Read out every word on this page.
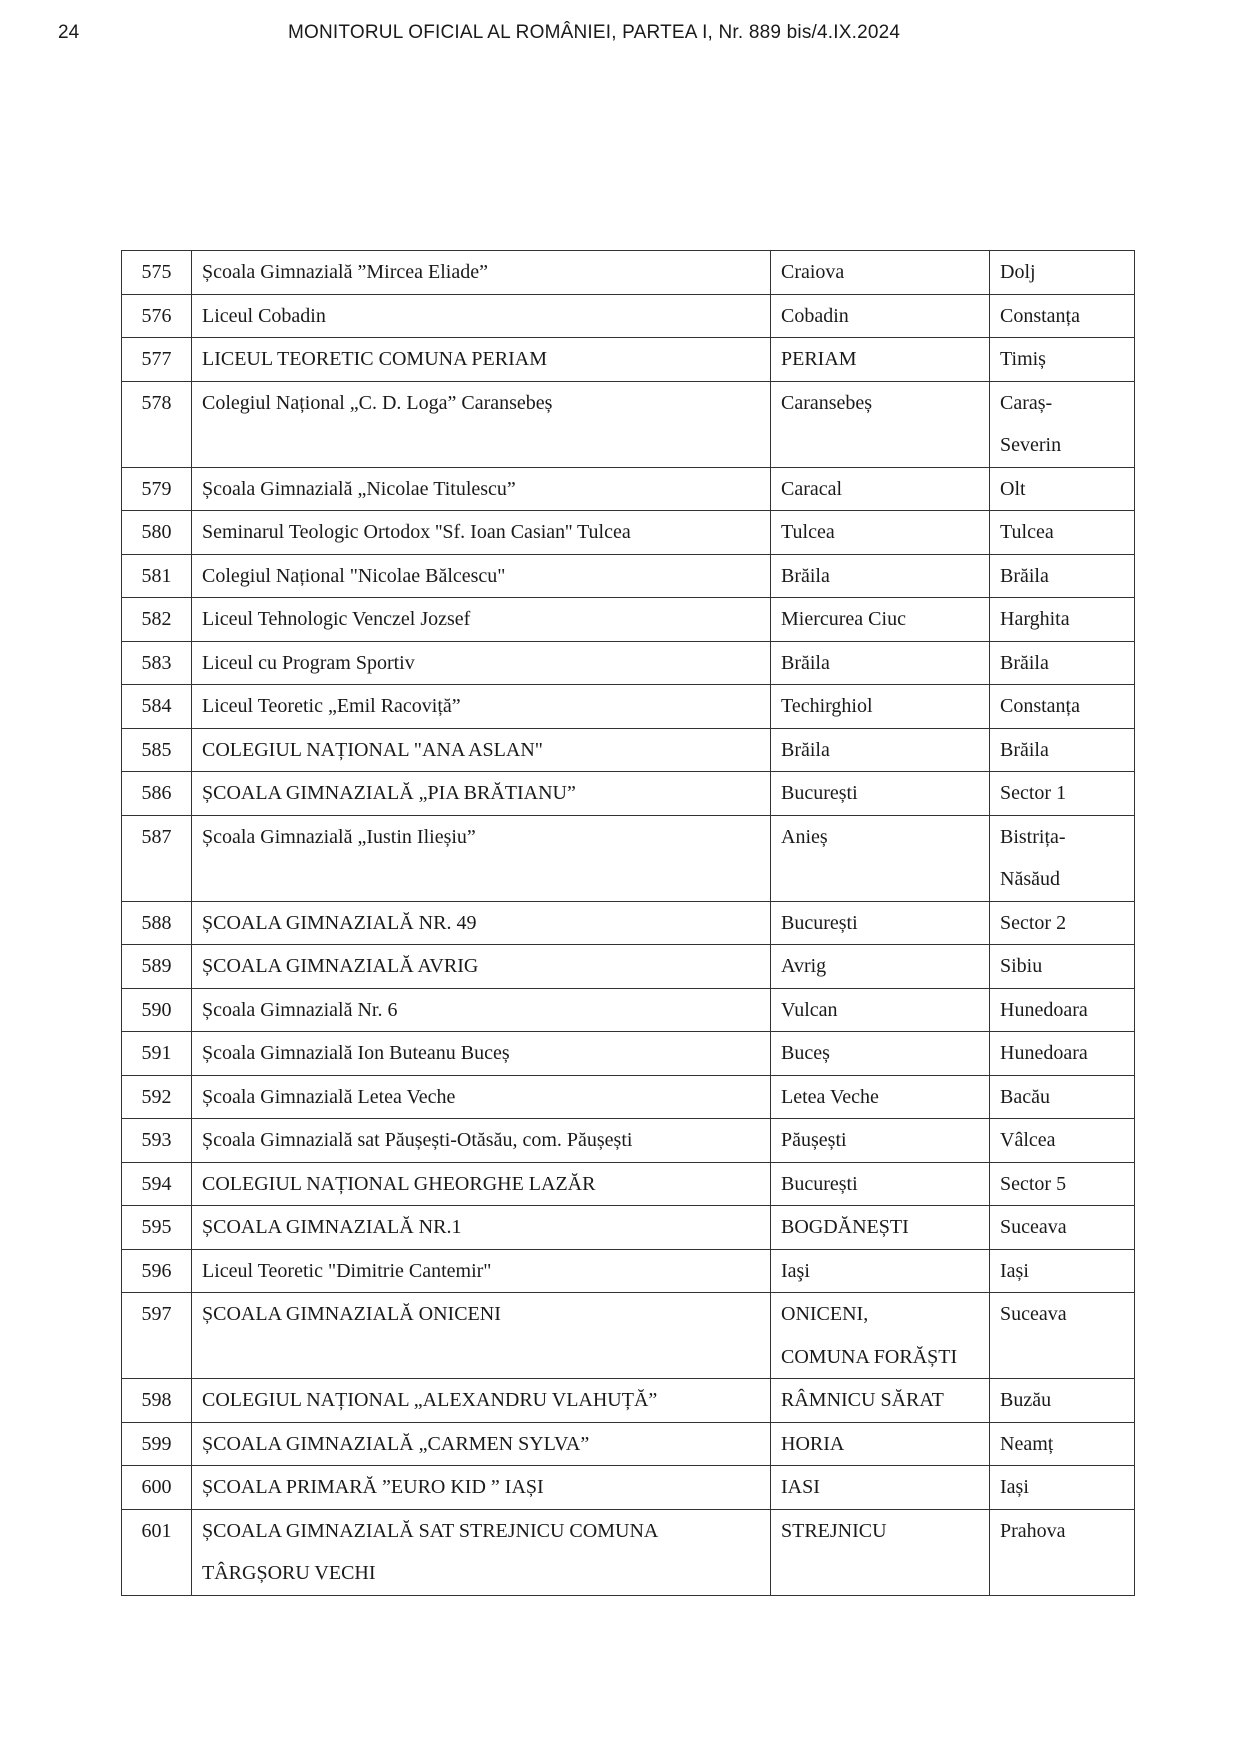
24	MONITORUL OFICIAL AL ROMÂNIEI, PARTEA I, Nr. 889 bis/4.IX.2024
575	Școala Gimnazială ”Mircea Eliade”	Craiova	Dolj

576	Liceul Cobadin	Cobadin	Constanța

577	LICEUL TEORETIC COMUNA PERIAM	PERIAM	Timiș

578	Colegiul Național „C. D. Loga” Caransebeș	Caransebeș	Caraș-
Severin

579	Școala Gimnazială „Nicolae Titulescu”	Caracal	Olt

580	Seminarul Teologic Ortodox ''Sf. Ioan Casian'' Tulcea	Tulcea	Tulcea

581	Colegiul Național "Nicolae Bălcescu"	Brăila	Brăila

582	Liceul Tehnologic Venczel Jozsef	Miercurea Ciuc	Harghita

583	Liceul cu Program Sportiv	Brăila	Brăila

584	Liceul Teoretic „Emil Racoviță”	Techirghiol	Constanța

585	COLEGIUL NAȚIONAL "ANA ASLAN"	Brăila	Brăila

586	ȘCOALA GIMNAZIALĂ „PIA BRĂTIANU”	București	Sector 1

587	Școala Gimnazială „Iustin Ilieșiu”	Anieș	Bistrița-
Năsăud

588	ȘCOALA GIMNAZIALĂ NR. 49	București	Sector 2

589	ȘCOALA GIMNAZIALĂ AVRIG	Avrig	Sibiu

590	Școala Gimnazială Nr. 6	Vulcan	Hunedoara

591	Școala Gimnazială Ion Buteanu Buceș	Buceș	Hunedoara

592	Școala Gimnazială Letea Veche	Letea Veche	Bacău

593	Școala Gimnazială sat Păușești-Otăsău, com. Păușești	Păușești	Vâlcea

594	COLEGIUL NAȚIONAL GHEORGHE LAZĂR	București	Sector 5

595	ȘCOALA GIMNAZIALĂ NR.1	BOGDĂNEȘTI	Suceava

596	Liceul Teoretic "Dimitrie Cantemir"	Iaşi	Iași

597	ȘCOALA GIMNAZIALĂ ONICENI	ONICENI,
COMUNA FORĂȘTI	Suceava

598	COLEGIUL NAȚIONAL „ALEXANDRU VLAHUȚĂ”	RÂMNICU SĂRAT	Buzău

599	ȘCOALA GIMNAZIALĂ „CARMEN SYLVA”	HORIA	Neamț

600	ȘCOALA PRIMARĂ ”EURO KID ” IAȘI	IASI	Iași

601	ȘCOALA GIMNAZIALĂ SAT STREJNICU COMUNA
TÂRGȘORU VECHI	STREJNICU	Prahova
